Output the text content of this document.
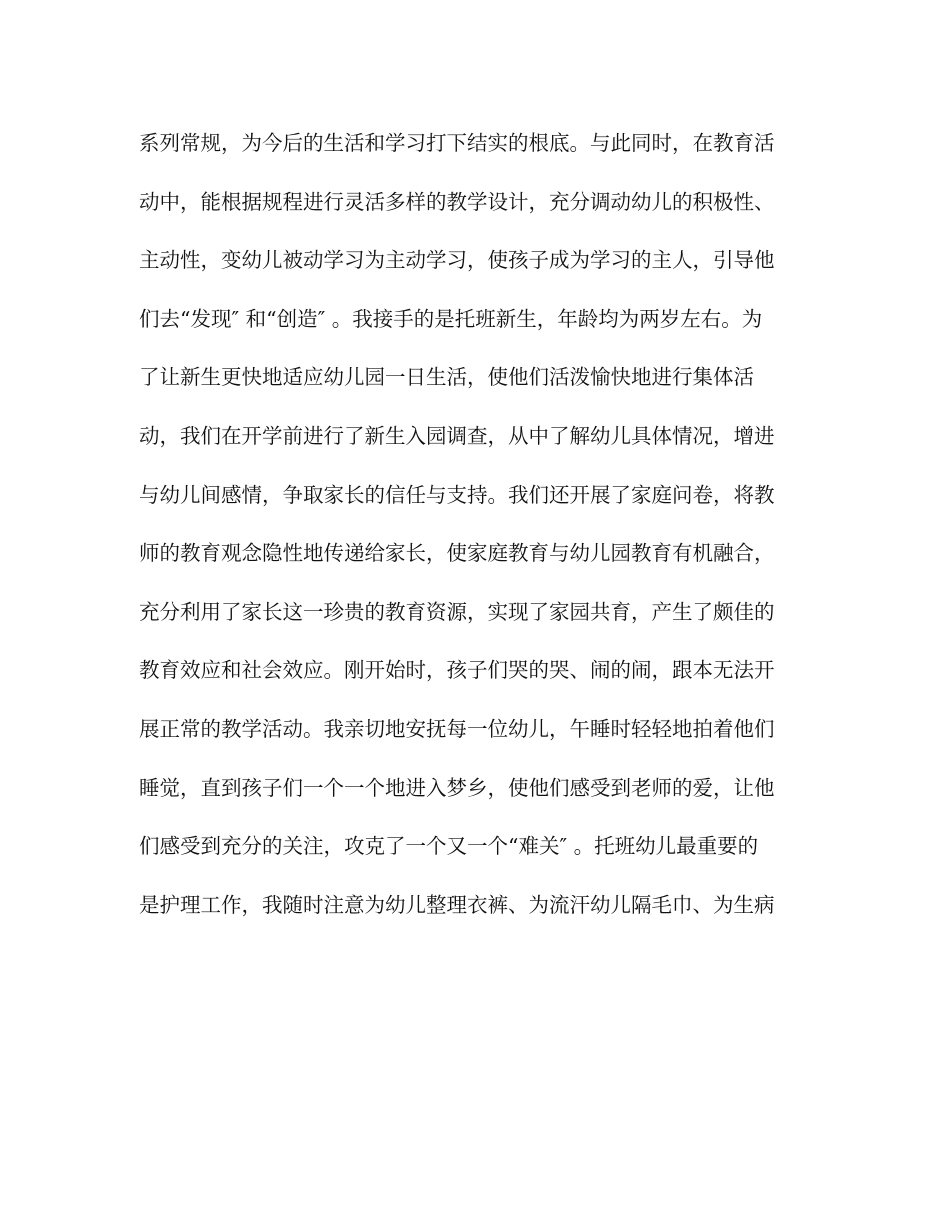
系列常规，为今后的生活和学习打下结实的根底。与此同时，在教育活
动中，能根据规程进行灵活多样的教学设计，充分调动幼儿的积极性、
主动性，变幼儿被动学习为主动学习，使孩子成为学习的主人，引导他
们去“发现″ 和“创造″ 。我接手的是托班新生，年龄均为两岁左右。为
了让新生更快地适应幼儿园一日生活，使他们活泼愉快地进行集体活
动，我们在开学前进行了新生入园调查，从中了解幼儿具体情况，增进
与幼儿间感情，争取家长的信任与支持。我们还开展了家庭问卷，将教
师的教育观念隐性地传递给家长，使家庭教育与幼儿园教育有机融合，
充分利用了家长这一珍贵的教育资源，实现了家园共育，产生了颇佳的
教育效应和社会效应。刚开始时，孩子们哭的哭、闹的闹，跟本无法开
展正常的教学活动。我亲切地安抚每一位幼儿，午睡时轻轻地拍着他们
睡觉，直到孩子们一个一个地进入梦乡，使他们感受到老师的爱，让他
们感受到充分的关注，攻克了一个又一个“难关″ 。托班幼儿最重要的
是护理工作，我随时注意为幼儿整理衣裤、为流汗幼儿隔毛巾、为生病
